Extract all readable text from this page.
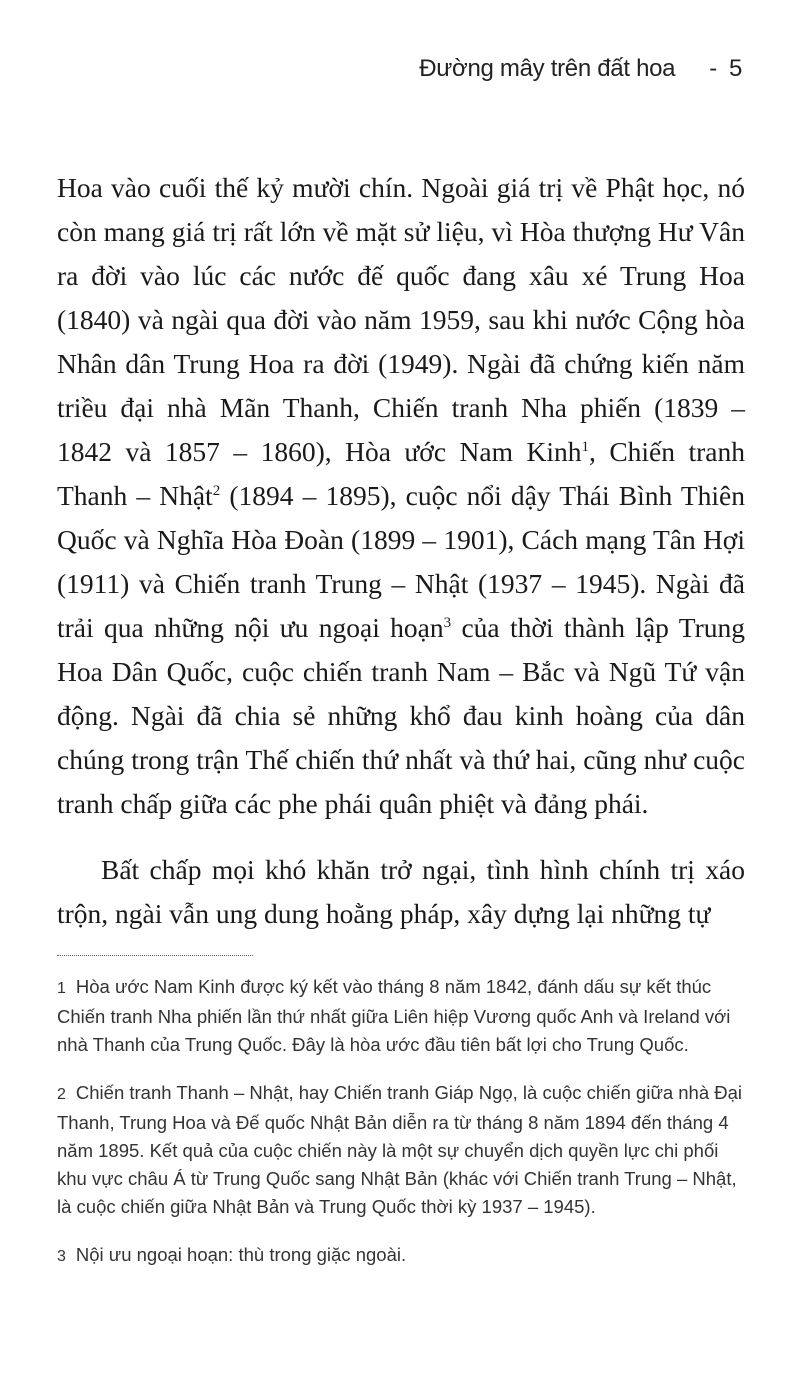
Đường mây trên đất hoa - 5

Hoa vào cuối thế kỷ mười chín. Ngoài giá trị về Phật học, nó còn mang giá trị rất lớn về mặt sử liệu, vì Hòa thượng Hư Vân ra đời vào lúc các nước đế quốc đang xâu xé Trung Hoa (1840) và ngài qua đời vào năm 1959, sau khi nước Cộng hòa Nhân dân Trung Hoa ra đời (1949). Ngài đã chứng kiến năm triều đại nhà Mãn Thanh, Chiến tranh Nha phiến (1839 – 1842 và 1857 – 1860), Hòa ước Nam Kinh$^1$, Chiến tranh Thanh – Nhật$^2$ (1894 – 1895), cuộc nổi dậy Thái Bình Thiên Quốc và Nghĩa Hòa Đoàn (1899 – 1901), Cách mạng Tân Hợi (1911) và Chiến tranh Trung – Nhật (1937 – 1945). Ngài đã trải qua những nội ưu ngoại hoạn$^3$ của thời thành lập Trung Hoa Dân Quốc, cuộc chiến tranh Nam – Bắc và Ngũ Tứ vận động. Ngài đã chia sẻ những khổ đau kinh hoàng của dân chúng trong trận Thế chiến thứ nhất và thứ hai, cũng như cuộc tranh chấp giữa các phe phái quân phiệt và đảng phái.

Bất chấp mọi khó khăn trở ngại, tình hình chính trị xáo trộn, ngài vẫn ung dung hoằng pháp, xây dựng lại những tự

1 Hòa ước Nam Kinh được ký kết vào tháng 8 năm 1842, đánh dấu sự kết thúc Chiến tranh Nha phiến lần thứ nhất giữa Liên hiệp Vương quốc Anh và Ireland với nhà Thanh của Trung Quốc. Đây là hòa ước đầu tiên bất lợi cho Trung Quốc.

2 Chiến tranh Thanh – Nhật, hay Chiến tranh Giáp Ngọ, là cuộc chiến giữa nhà Đại Thanh, Trung Hoa và Đế quốc Nhật Bản diễn ra từ tháng 8 năm 1894 đến tháng 4 năm 1895. Kết quả của cuộc chiến này là một sự chuyển dịch quyền lực chi phối khu vực châu Á từ Trung Quốc sang Nhật Bản (khác với Chiến tranh Trung – Nhật, là cuộc chiến giữa Nhật Bản và Trung Quốc thời kỳ 1937 – 1945).

3 Nội ưu ngoại hoạn: thù trong giặc ngoài.
